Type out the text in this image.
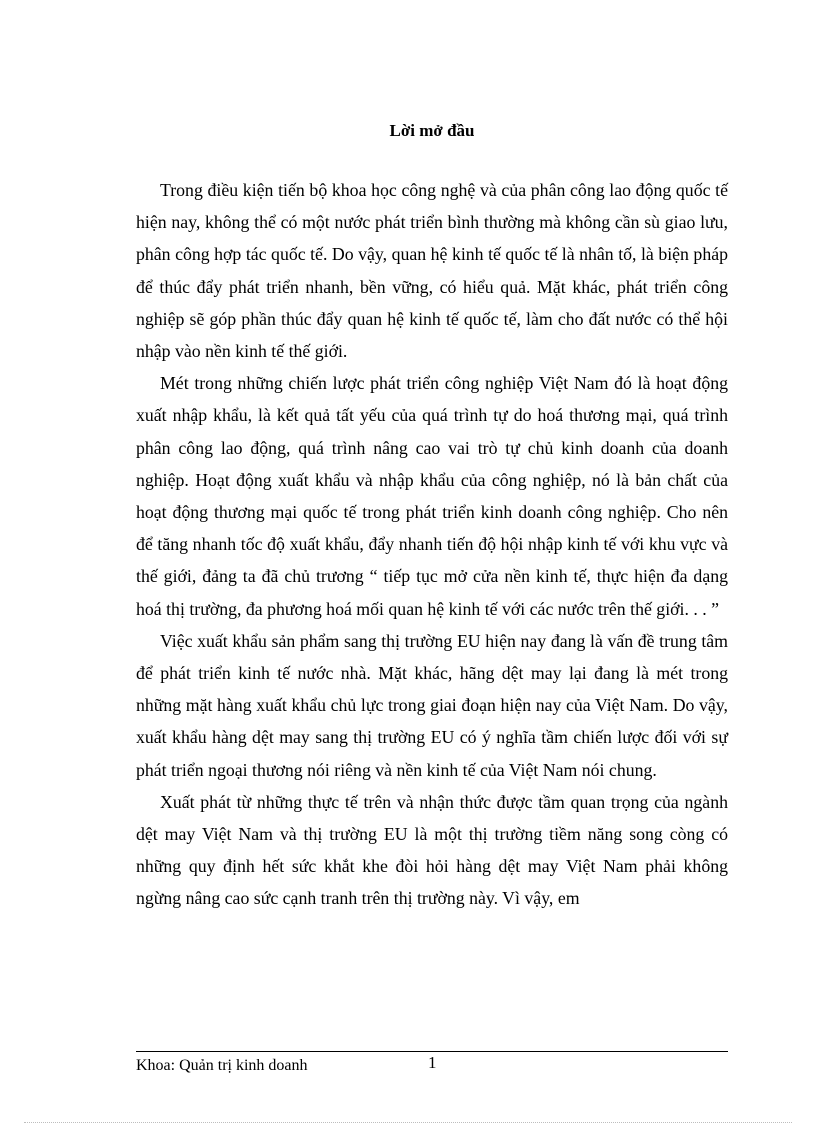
Lời mở đầu

Trong điều kiện tiến bộ khoa học công nghệ và của phân công lao động quốc tế hiện nay, không thể có một nước phát triển bình thường mà không cần sù giao lưu, phân công hợp tác quốc tế. Do vậy, quan hệ kinh tế quốc tế là nhân tố, là biện pháp để thúc đẩy phát triển nhanh, bền vững, có hiểu quả. Mặt khác, phát triển công nghiệp sẽ góp phần thúc đẩy quan hệ kinh tế quốc tế, làm cho đất nước có thể hội nhập vào nền kinh tế thế giới.

Mét trong những chiến lược phát triển công nghiệp Việt Nam đó là hoạt động xuất nhập khẩu, là kết quả tất yếu của quá trình tự do hoá thương mại, quá trình phân công lao động, quá trình nâng cao vai trò tự chủ kinh doanh của doanh nghiệp. Hoạt động xuất khẩu và nhập khẩu của công nghiệp, nó là bản chất của hoạt động thương mại quốc tế trong phát triển kinh doanh công nghiệp. Cho nên để tăng nhanh tốc độ xuất khẩu, đẩy nhanh tiến độ hội nhập kinh tế với khu vực và thế giới, đảng ta đã chủ trương “ tiếp tục mở cửa nền kinh tế, thực hiện đa dạng hoá thị trường, đa phương hoá mối quan hệ kinh tế với các nước trên thế giới. . . ”

Việc xuất khẩu sản phẩm sang thị trường EU hiện nay đang là vấn đề trung tâm để phát triển kinh tế nước nhà. Mặt khác, hãng dệt may lại đang là mét trong những mặt hàng xuất khẩu chủ lực trong giai đoạn hiện nay của Việt Nam. Do vậy, xuất khẩu hàng dệt may sang thị trường EU có ý nghĩa tầm chiến lược đối với sự phát triển ngoại thương nói riêng và nền kinh tế của Việt Nam nói chung.

Xuất phát từ những thực tế trên và nhận thức được tầm quan trọng của ngành dệt may Việt Nam và thị trường EU là một thị trường tiềm năng song còng có những quy định hết sức khắt khe đòi hỏi hàng dệt may Việt Nam phải không ngừng nâng cao sức cạnh tranh trên thị trường này. Vì vậy, em

Khoa: Quản trị kinh doanh	1
